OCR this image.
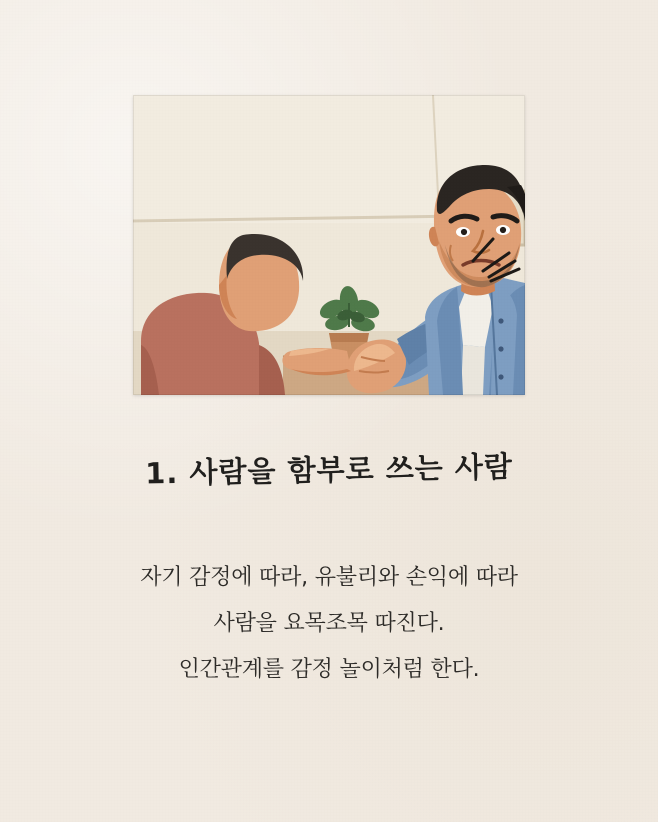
1. 사람을 함부로 쓰는 사람
자기 감정에 따라, 유불리와 손익에 따라
사람을 요목조목 따진다.
인간관계를 감정 놀이처럼 한다.
